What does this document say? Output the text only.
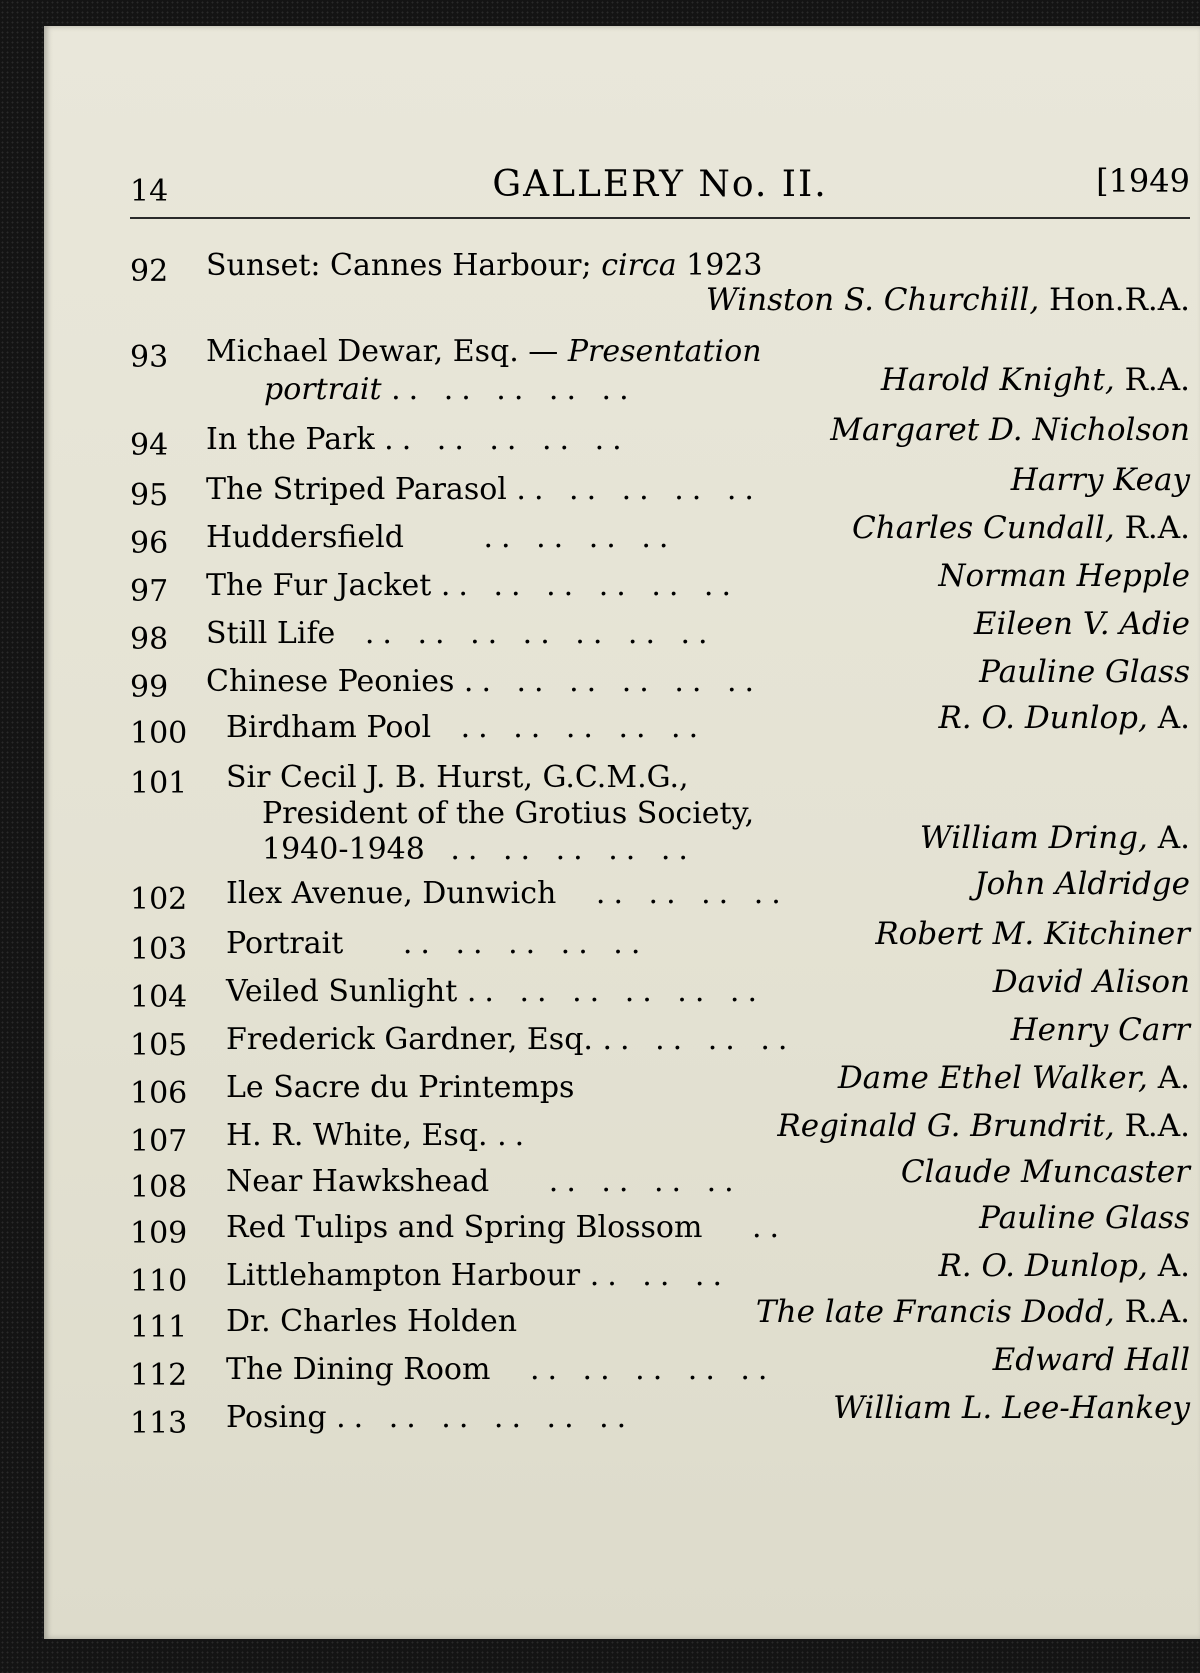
14	GALLERY No. II.	[1949
92 Sunset: Cannes Harbour; circa 1923
Winston S. Churchill, Hon.R.A.
93 Michael Dewar, Esq. — Presentation
portrait .. .. .. .. ..	Harold Knight, R.A.
94 In the Park .. .. .. .. ..	Margaret D. Nicholson
95 The Striped Parasol .. .. .. .. ..	Harry Keay
96 Huddersfield	.. .. .. ..	Charles Cundall, R.A.
97 The Fur Jacket .. .. .. .. .. ..	Norman Hepple
98 Still Life .. .. .. .. .. .. ..	Eileen V. Adie
99 Chinese Peonies .. .. .. .. .. ..	Pauline Glass
100 Birdham Pool .. .. .. .. ..	R. O. Dunlop, A.
101 Sir Cecil J. B. Hurst, G.C.M.G.,
President of the Grotius Society,
1940-1948 .. .. .. .. ..	William Dring, A.
102 Ilex Avenue, Dunwich .. .. .. ..	John Aldridge
103 Portrait .. .. .. .. ..	Robert M. Kitchiner
104 Veiled Sunlight .. .. .. .. .. ..	David Alison
105 Frederick Gardner, Esq. .. .. .. ..	Henry Carr
106 Le Sacre du Printemps	Dame Ethel Walker, A.
107 H. R. White, Esq. ..	Reginald G. Brundrit, R.A.
108 Near Hawkshead .. .. .. ..	Claude Muncaster
109 Red Tulips and Spring Blossom ..	Pauline Glass
110 Littlehampton Harbour .. .. ..	R. O. Dunlop, A.
111 Dr. Charles Holden	The late Francis Dodd, R.A.
112 The Dining Room .. .. .. .. ..	Edward Hall
113 Posing .. .. .. .. .. ..	William L. Lee-Hankey
